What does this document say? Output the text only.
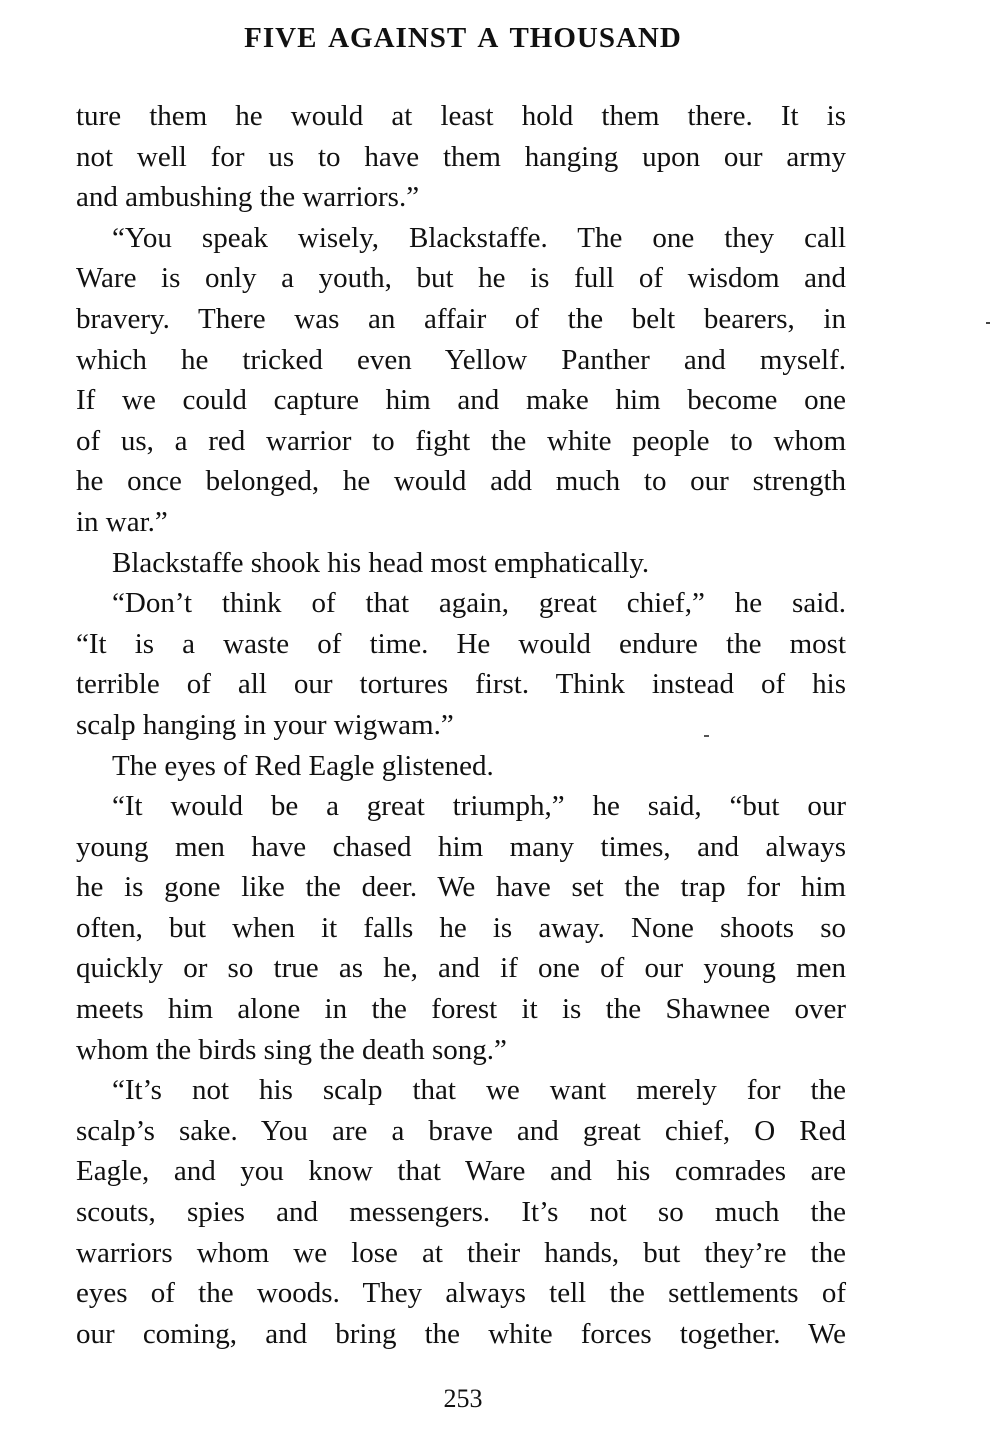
FIVE AGAINST A THOUSAND
ture them he would at least hold them there. It is
not well for us to have them hanging upon our army
and ambushing the warriors.”
“You speak wisely, Blackstaffe. The one they call
Ware is only a youth, but he is full of wisdom and
bravery. There was an affair of the belt bearers, in
which he tricked even Yellow Panther and myself.
If we could capture him and make him become one
of us, a red warrior to fight the white people to whom
he once belonged, he would add much to our strength
in war.”
Blackstaffe shook his head most emphatically.
“Don’t think of that again, great chief,” he said.
“It is a waste of time. He would endure the most
terrible of all our tortures first. Think instead of his
scalp hanging in your wigwam.”
The eyes of Red Eagle glistened.
“It would be a great triumph,” he said, “but our
young men have chased him many times, and always
he is gone like the deer. We have set the trap for him
often, but when it falls he is away. None shoots so
quickly or so true as he, and if one of our young men
meets him alone in the forest it is the Shawnee over
whom the birds sing the death song.”
“It’s not his scalp that we want merely for the
scalp’s sake. You are a brave and great chief, O Red
Eagle, and you know that Ware and his comrades are
scouts, spies and messengers. It’s not so much the
warriors whom we lose at their hands, but they’re the
eyes of the woods. They always tell the settlements of
our coming, and bring the white forces together. We
253
